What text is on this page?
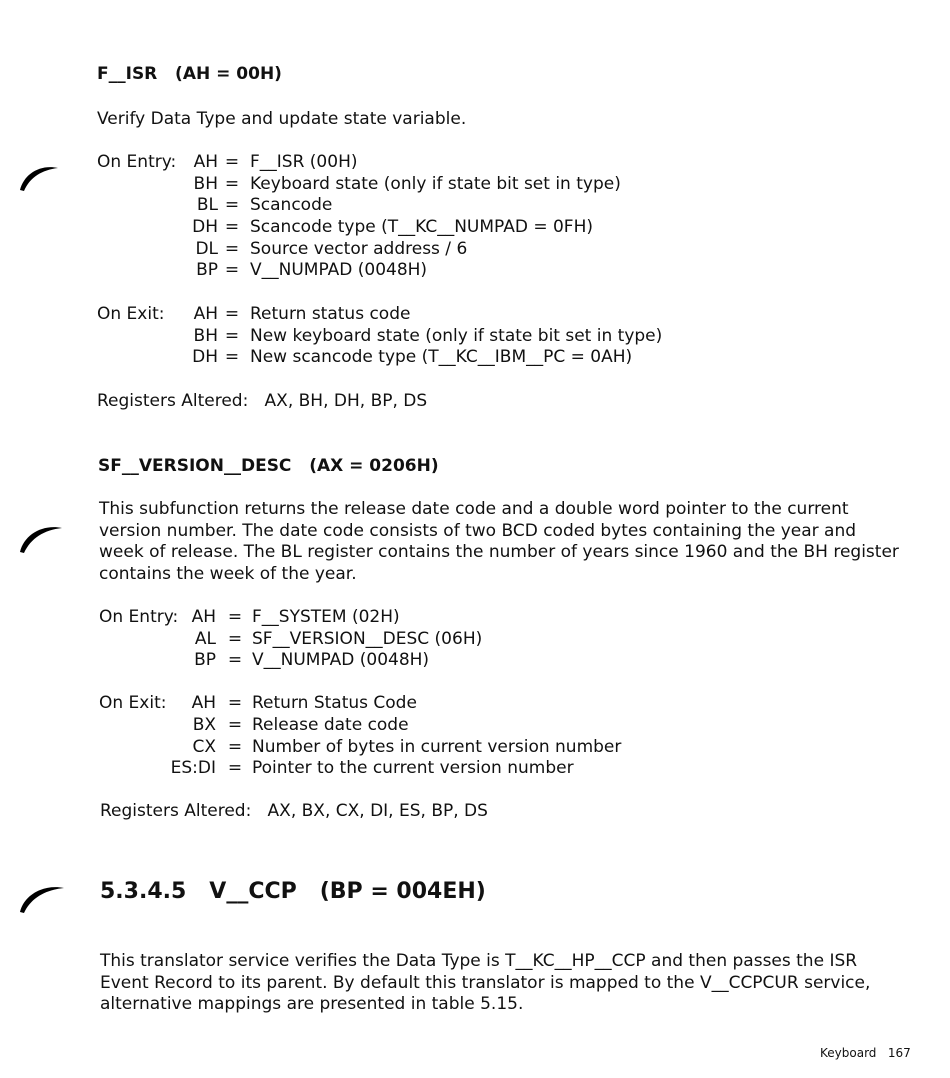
F__ISR (AH = 00H)
Verify Data Type and update state variable.
On Entry:	AH = F__ISR (00H)
BH = Keyboard state (only if state bit set in type)
BL = Scancode
DH = Scancode type (T__KC__NUMPAD = 0FH)
DL = Source vector address / 6
BP = V__NUMPAD (0048H)
On Exit:	AH = Return status code
BH = New keyboard state (only if state bit set in type)
DH = New scancode type (T__KC__IBM__PC = 0AH)
Registers Altered: AX, BH, DH, BP, DS
SF__VERSION__DESC (AX = 0206H)
This subfunction returns the release date code and a double word pointer to the current version number. The date code consists of two BCD coded bytes containing the year and week of release. The BL register contains the number of years since 1960 and the BH register contains the week of the year.
On Entry: AH = F__SYSTEM (02H)
AL = SF__VERSION__DESC (06H)
BP = V__NUMPAD (0048H)
On Exit:	AH = Return Status Code
BX = Release date code
CX = Number of bytes in current version number
ES:DI = Pointer to the current version number
Registers Altered: AX, BX, CX, DI, ES, BP, DS
5.3.4.5 V__CCP (BP = 004EH)
This translator service verifies the Data Type is T__KC__HP__CCP and then passes the ISR Event Record to its parent. By default this translator is mapped to the V__CCPCUR service, alternative mappings are presented in table 5.15.
Keyboard 167
